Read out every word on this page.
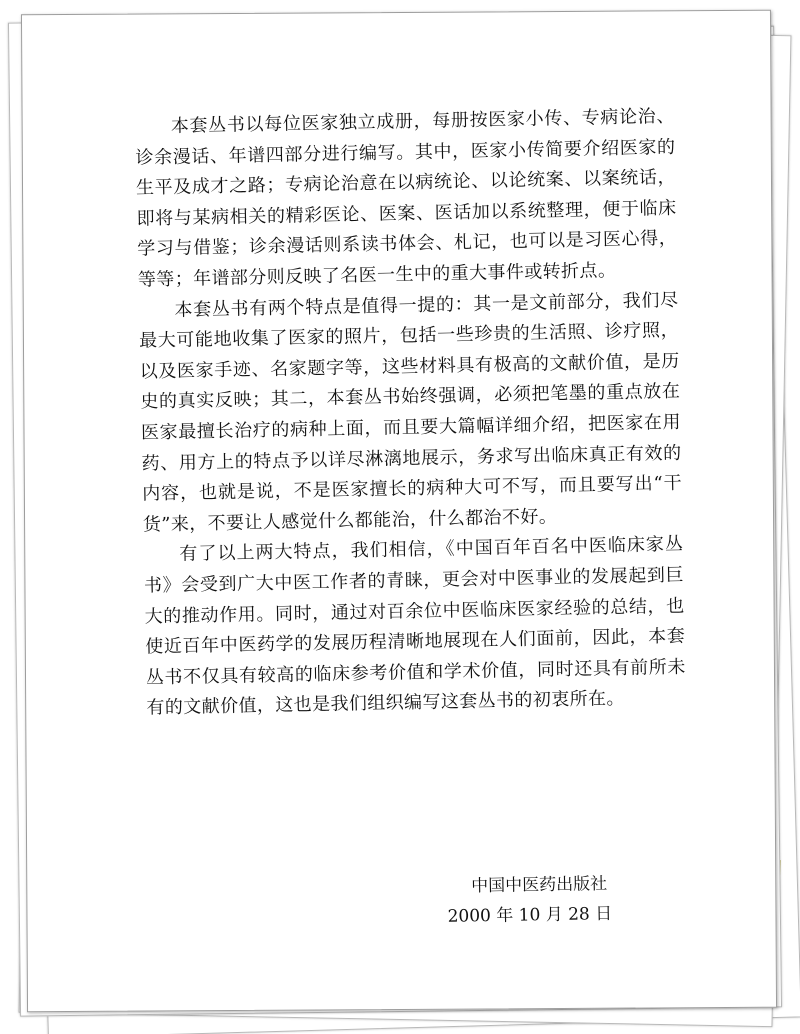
本套丛书以每位医家独立成册，每册按医家小传、专病论治、诊余漫话、年谱四部分进行编写。其中，医家小传简要介绍医家的生平及成才之路；专病论治意在以病统论、以论统案、以案统话，即将与某病相关的精彩医论、医案、医话加以系统整理，便于临床学习与借鉴；诊余漫话则系读书体会、札记，也可以是习医心得，等等；年谱部分则反映了名医一生中的重大事件或转折点。

本套丛书有两个特点是值得一提的：其一是文前部分，我们尽最大可能地收集了医家的照片，包括一些珍贵的生活照、诊疗照，以及医家手迹、名家题字等，这些材料具有极高的文献价值，是历史的真实反映；其二，本套丛书始终强调，必须把笔墨的重点放在医家最擅长治疗的病种上面，而且要大篇幅详细介绍，把医家在用药、用方上的特点予以详尽淋漓地展示，务求写出临床真正有效的内容，也就是说，不是医家擅长的病种大可不写，而且要写出“干货”来，不要让人感觉什么都能治，什么都治不好。

有了以上两大特点，我们相信，《中国百年百名中医临床家丛书》会受到广大中医工作者的青睐，更会对中医事业的发展起到巨大的推动作用。同时，通过对百余位中医临床医家经验的总结，也使近百年中医药学的发展历程清晰地展现在人们面前，因此，本套丛书不仅具有较高的临床参考价值和学术价值，同时还具有前所未有的文献价值，这也是我们组织编写这套丛书的初衷所在。

中国中医药出版社
2000 年 10 月 28 日
